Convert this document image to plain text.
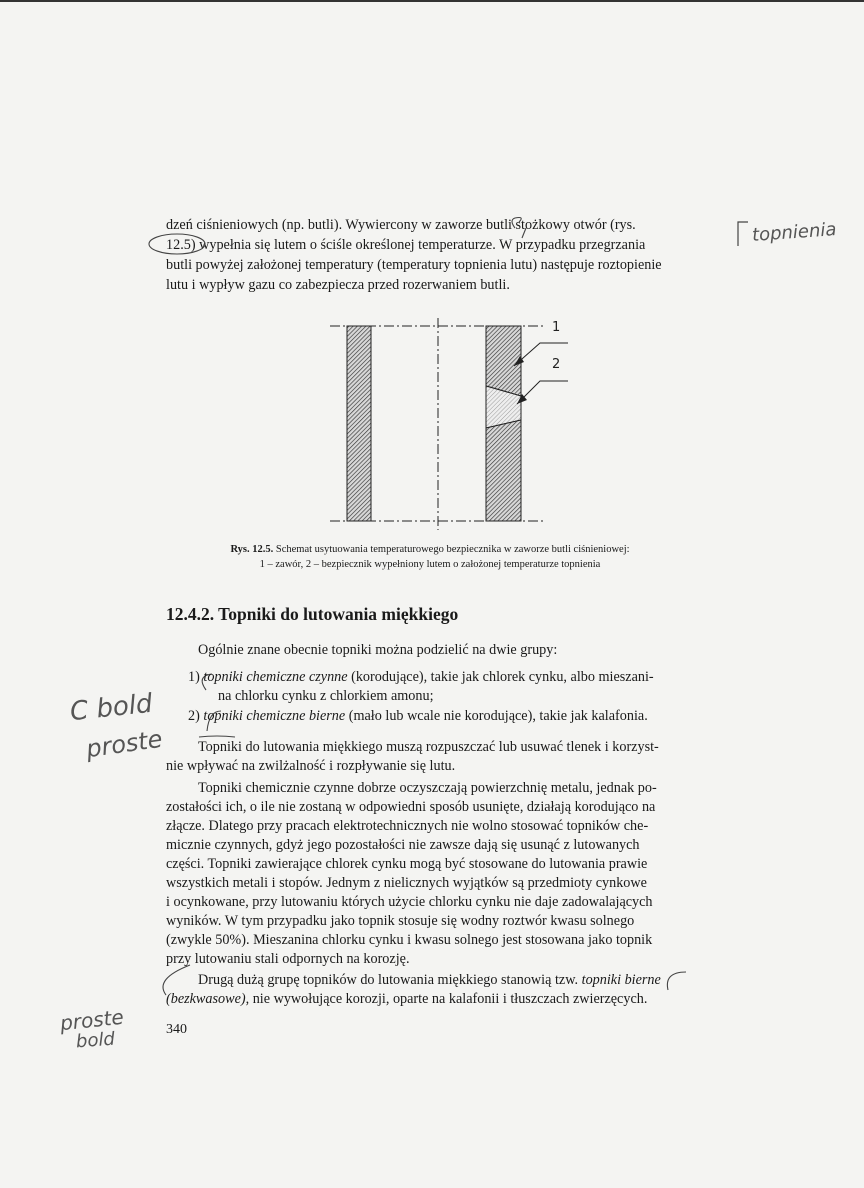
dzeń ciśnieniowych (np. butli). Wywiercony w zaworze butli stożkowy otwór (rys.
12.5) wypełnia się lutem o ściśle określonej temperaturze. W przypadku przegrzania
butli powyżej założonej temperatury (temperatury topnienia lutu) następuje roztopienie
lutu i wypływ gazu co zabezpiecza przed rozerwaniem butli.
1
2
Rys. 12.5. Schemat usytuowania temperaturowego bezpiecznika w zaworze butli ciśnieniowej:
1 – zawór, 2 – bezpiecznik wypełniony lutem o założonej temperaturze topnienia
12.4.2. Topniki do lutowania miękkiego
Ogólnie znane obecnie topniki można podzielić na dwie grupy:
1) topniki chemiczne czynne (korodujące), takie jak chlorek cynku, albo mieszani-
na chlorku cynku z chlorkiem amonu;
2) topniki chemiczne bierne (mało lub wcale nie korodujące), takie jak kalafonia.
Topniki do lutowania miękkiego muszą rozpuszczać lub usuwać tlenek i korzyst-
nie wpływać na zwilżalność i rozpływanie się lutu.
Topniki chemicznie czynne dobrze oczyszczają powierzchnię metalu, jednak po-
zostałości ich, o ile nie zostaną w odpowiedni sposób usunięte, działają korodująco na
złącze. Dlatego przy pracach elektrotechnicznych nie wolno stosować topników che-
micznie czynnych, gdyż jego pozostałości nie zawsze dają się usunąć z lutowanych
części. Topniki zawierające chlorek cynku mogą być stosowane do lutowania prawie
wszystkich metali i stopów. Jednym z nielicznych wyjątków są przedmioty cynkowe
i ocynkowane, przy lutowaniu których użycie chlorku cynku nie daje zadowalających
wyników. W tym przypadku jako topnik stosuje się wodny roztwór kwasu solnego
(zwykle 50%). Mieszanina chlorku cynku i kwasu solnego jest stosowana jako topnik
przy lutowaniu stali odpornych na korozję.
Drugą dużą grupę topników do lutowania miękkiego stanowią tzw. topniki bierne
(bezkwasowe), nie wywołujące korozji, oparte na kalafonii i tłuszczach zwierzęcych.
340
topnienia
C bold
proste
proste
bold
